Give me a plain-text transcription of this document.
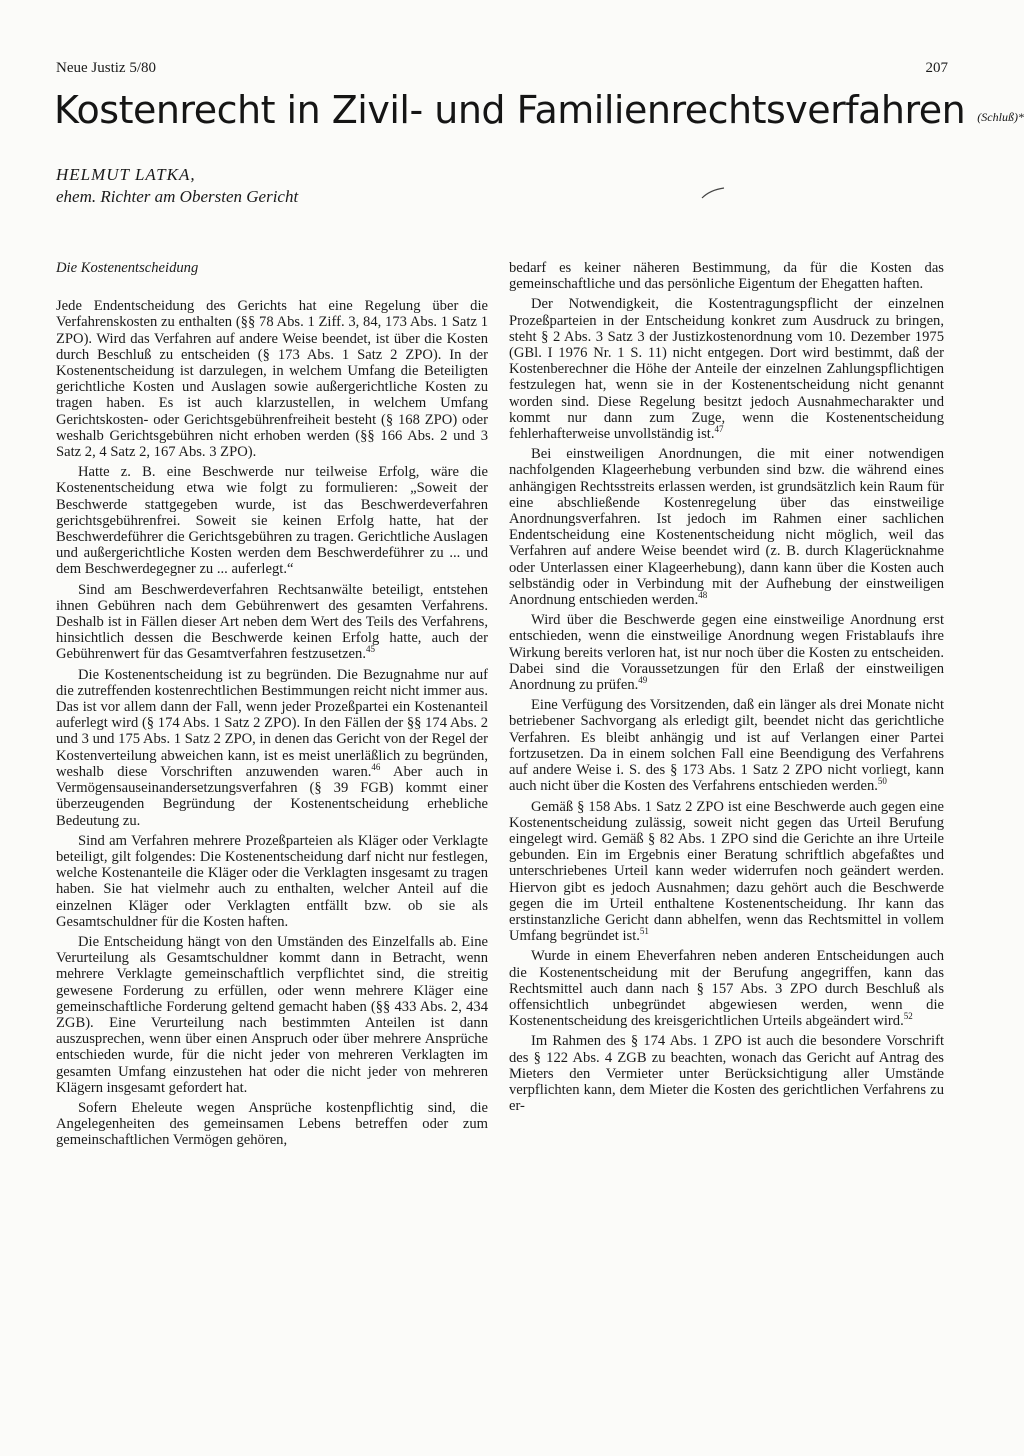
Neue Justiz 5/80	207
Kostenrecht in Zivil- und Familienrechtsverfahren (Schluß)*
HELMUT LATKA,
ehem. Richter am Obersten Gericht
Die Kostenentscheidung

Jede Endentscheidung des Gerichts hat eine Regelung über die Verfahrenskosten zu enthalten (§§ 78 Abs. 1 Ziff. 3, 84, 173 Abs. 1 Satz 1 ZPO). Wird das Verfahren auf andere Weise beendet, ist über die Kosten durch Beschluß zu entscheiden (§ 173 Abs. 1 Satz 2 ZPO). In der Kostenentscheidung ist darzulegen, in welchem Umfang die Beteiligten gerichtliche Kosten und Auslagen sowie außergerichtliche Kosten zu tragen haben. Es ist auch klarzustellen, in welchem Umfang Gerichtskosten- oder Gerichtsgebührenfreiheit besteht (§ 168 ZPO) oder weshalb Gerichtsgebühren nicht erhoben werden (§§ 166 Abs. 2 und 3 Satz 2, 4 Satz 2, 167 Abs. 3 ZPO).

Hatte z. B. eine Beschwerde nur teilweise Erfolg, wäre die Kostenentscheidung etwa wie folgt zu formulieren: „Soweit der Beschwerde stattgegeben wurde, ist das Beschwerdeverfahren gerichtsgebührenfrei. Soweit sie keinen Erfolg hatte, hat der Beschwerdeführer die Gerichtsgebühren zu tragen. Gerichtliche Auslagen und außergerichtliche Kosten werden dem Beschwerdeführer zu ... und dem Beschwerdegegner zu ... auferlegt.“

Sind am Beschwerdeverfahren Rechtsanwälte beteiligt, entstehen ihnen Gebühren nach dem Gebührenwert des gesamten Verfahrens. Deshalb ist in Fällen dieser Art neben dem Wert des Teils des Verfahrens, hinsichtlich dessen die Beschwerde keinen Erfolg hatte, auch der Gebührenwert für das Gesamtverfahren festzusetzen.$^{45}$

Die Kostenentscheidung ist zu begründen. Die Bezugnahme nur auf die zutreffenden kostenrechtlichen Bestimmungen reicht nicht immer aus. Das ist vor allem dann der Fall, wenn jeder Prozeßpartei ein Kostenanteil auferlegt wird (§ 174 Abs. 1 Satz 2 ZPO). In den Fällen der §§ 174 Abs. 2 und 3 und 175 Abs. 1 Satz 2 ZPO, in denen das Gericht von der Regel der Kostenverteilung abweichen kann, ist es meist unerläßlich zu begründen, weshalb diese Vorschriften anzuwenden waren.$^{46}$ Aber auch in Vermögensauseinandersetzungsverfahren (§ 39 FGB) kommt einer überzeugenden Begründung der Kostenentscheidung erhebliche Bedeutung zu.

Sind am Verfahren mehrere Prozeßparteien als Kläger oder Verklagte beteiligt, gilt folgendes: Die Kostenentscheidung darf nicht nur festlegen, welche Kostenanteile die Kläger oder die Verklagten insgesamt zu tragen haben. Sie hat vielmehr auch zu enthalten, welcher Anteil auf die einzelnen Kläger oder Verklagten entfällt bzw. ob sie als Gesamtschuldner für die Kosten haften.

Die Entscheidung hängt von den Umständen des Einzelfalls ab. Eine Verurteilung als Gesamtschuldner kommt dann in Betracht, wenn mehrere Verklagte gemeinschaftlich verpflichtet sind, die streitig gewesene Forderung zu erfüllen, oder wenn mehrere Kläger eine gemeinschaftliche Forderung geltend gemacht haben (§§ 433 Abs. 2, 434 ZGB). Eine Verurteilung nach bestimmten Anteilen ist dann auszusprechen, wenn über einen Anspruch oder über mehrere Ansprüche entschieden wurde, für die nicht jeder von mehreren Verklagten im gesamten Umfang einzustehen hat oder die nicht jeder von mehreren Klägern insgesamt gefordert hat.

Sofern Eheleute wegen Ansprüche kostenpflichtig sind, die Angelegenheiten des gemeinsamen Lebens betreffen oder zum gemeinschaftlichen Vermögen gehören,

bedarf es keiner näheren Bestimmung, da für die Kosten das gemeinschaftliche und das persönliche Eigentum der Ehegatten haften.

Der Notwendigkeit, die Kostentragungspflicht der einzelnen Prozeßparteien in der Entscheidung konkret zum Ausdruck zu bringen, steht § 2 Abs. 3 Satz 3 der Justizkostenordnung vom 10. Dezember 1975 (GBl. I 1976 Nr. 1 S. 11) nicht entgegen. Dort wird bestimmt, daß der Kostenberechner die Höhe der Anteile der einzelnen Zahlungspflichtigen festzulegen hat, wenn sie in der Kostenentscheidung nicht genannt worden sind. Diese Regelung besitzt jedoch Ausnahmecharakter und kommt nur dann zum Zuge, wenn die Kostenentscheidung fehlerhafterweise unvollständig ist.$^{47}$

Bei einstweiligen Anordnungen, die mit einer notwendigen nachfolgenden Klageerhebung verbunden sind bzw. die während eines anhängigen Rechtsstreits erlassen werden, ist grundsätzlich kein Raum für eine abschließende Kostenregelung über das einstweilige Anordnungsverfahren. Ist jedoch im Rahmen einer sachlichen Endentscheidung eine Kostenentscheidung nicht möglich, weil das Verfahren auf andere Weise beendet wird (z. B. durch Klagerücknahme oder Unterlassen einer Klageerhebung), dann kann über die Kosten auch selbständig oder in Verbindung mit der Aufhebung der einstweiligen Anordnung entschieden werden.$^{48}$

Wird über die Beschwerde gegen eine einstweilige Anordnung erst entschieden, wenn die einstweilige Anordnung wegen Fristablaufs ihre Wirkung bereits verloren hat, ist nur noch über die Kosten zu entscheiden. Dabei sind die Voraussetzungen für den Erlaß der einstweiligen Anordnung zu prüfen.$^{49}$

Eine Verfügung des Vorsitzenden, daß ein länger als drei Monate nicht betriebener Sachvorgang als erledigt gilt, beendet nicht das gerichtliche Verfahren. Es bleibt anhängig und ist auf Verlangen einer Partei fortzusetzen. Da in einem solchen Fall eine Beendigung des Verfahrens auf andere Weise i. S. des § 173 Abs. 1 Satz 2 ZPO nicht vorliegt, kann auch nicht über die Kosten des Verfahrens entschieden werden.$^{50}$

Gemäß § 158 Abs. 1 Satz 2 ZPO ist eine Beschwerde auch gegen eine Kostenentscheidung zulässig, soweit nicht gegen das Urteil Berufung eingelegt wird. Gemäß § 82 Abs. 1 ZPO sind die Gerichte an ihre Urteile gebunden. Ein im Ergebnis einer Beratung schriftlich abgefaßtes und unterschriebenes Urteil kann weder widerrufen noch geändert werden. Hiervon gibt es jedoch Ausnahmen; dazu gehört auch die Beschwerde gegen die im Urteil enthaltene Kostenentscheidung. Ihr kann das erstinstanzliche Gericht dann abhelfen, wenn das Rechtsmittel in vollem Umfang begründet ist.$^{51}$

Wurde in einem Eheverfahren neben anderen Entscheidungen auch die Kostenentscheidung mit der Berufung angegriffen, kann das Rechtsmittel auch dann nach § 157 Abs. 3 ZPO durch Beschluß als offensichtlich unbegründet abgewiesen werden, wenn die Kostenentscheidung des kreisgerichtlichen Urteils abgeändert wird.$^{52}$

Im Rahmen des § 174 Abs. 1 ZPO ist auch die besondere Vorschrift des § 122 Abs. 4 ZGB zu beachten, wonach das Gericht auf Antrag des Mieters den Vermieter unter Berücksichtigung aller Umstände verpflichten kann, dem Mieter die Kosten des gerichtlichen Verfahrens zu er-
